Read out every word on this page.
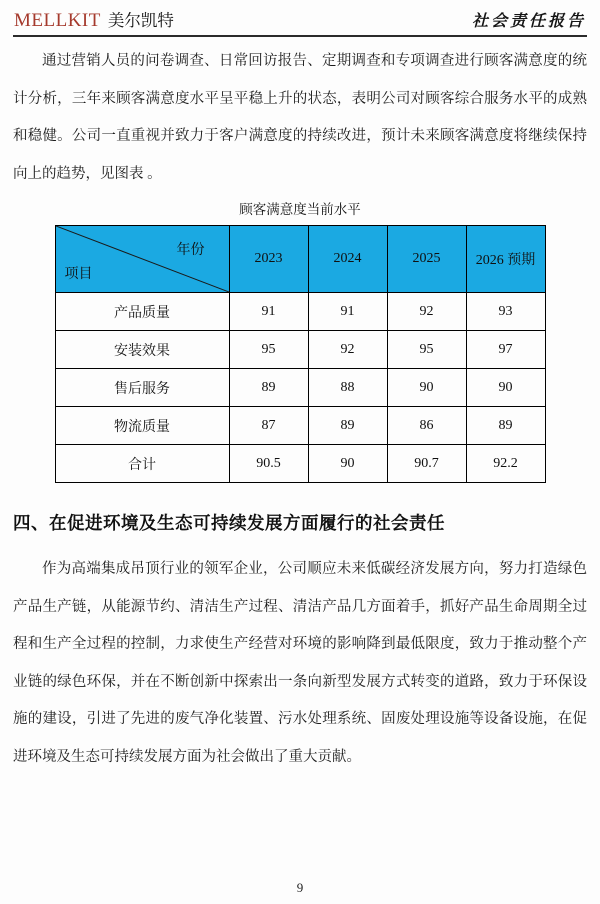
MELLKIT 美尔凯特	社会责任报告

通过营销人员的问卷调查、日常回访报告、定期调查和专项调查进行顾客满意度的统计分析，三年来顾客满意度水平呈平稳上升的状态，表明公司对顾客综合服务水平的成熟和稳健。公司一直重视并致力于客户满意度的持续改进，预计未来顾客满意度将继续保持向上的趋势，见图表 。

顾客满意度当前水平
年份
项目	2023	2024	2025	2026 预期
产品质量	91	91	92	93
安装效果	95	92	95	97
售后服务	89	88	90	90
物流质量	87	89	86	89
合计	90.5	90	90.7	92.2
四、在促进环境及生态可持续发展方面履行的社会责任

作为高端集成吊顶行业的领军企业，公司顺应未来低碳经济发展方向，努力打造绿色产品生产链，从能源节约、清洁生产过程、清洁产品几方面着手，抓好产品生命周期全过程和生产全过程的控制，力求使生产经营对环境的影响降到最低限度，致力于推动整个产业链的绿色环保，并在不断创新中探索出一条向新型发展方式转变的道路，致力于环保设施的建设，引进了先进的废气净化装置、污水处理系统、固废处理设施等设备设施，在促进环境及生态可持续发展方面为社会做出了重大贡献。

9
